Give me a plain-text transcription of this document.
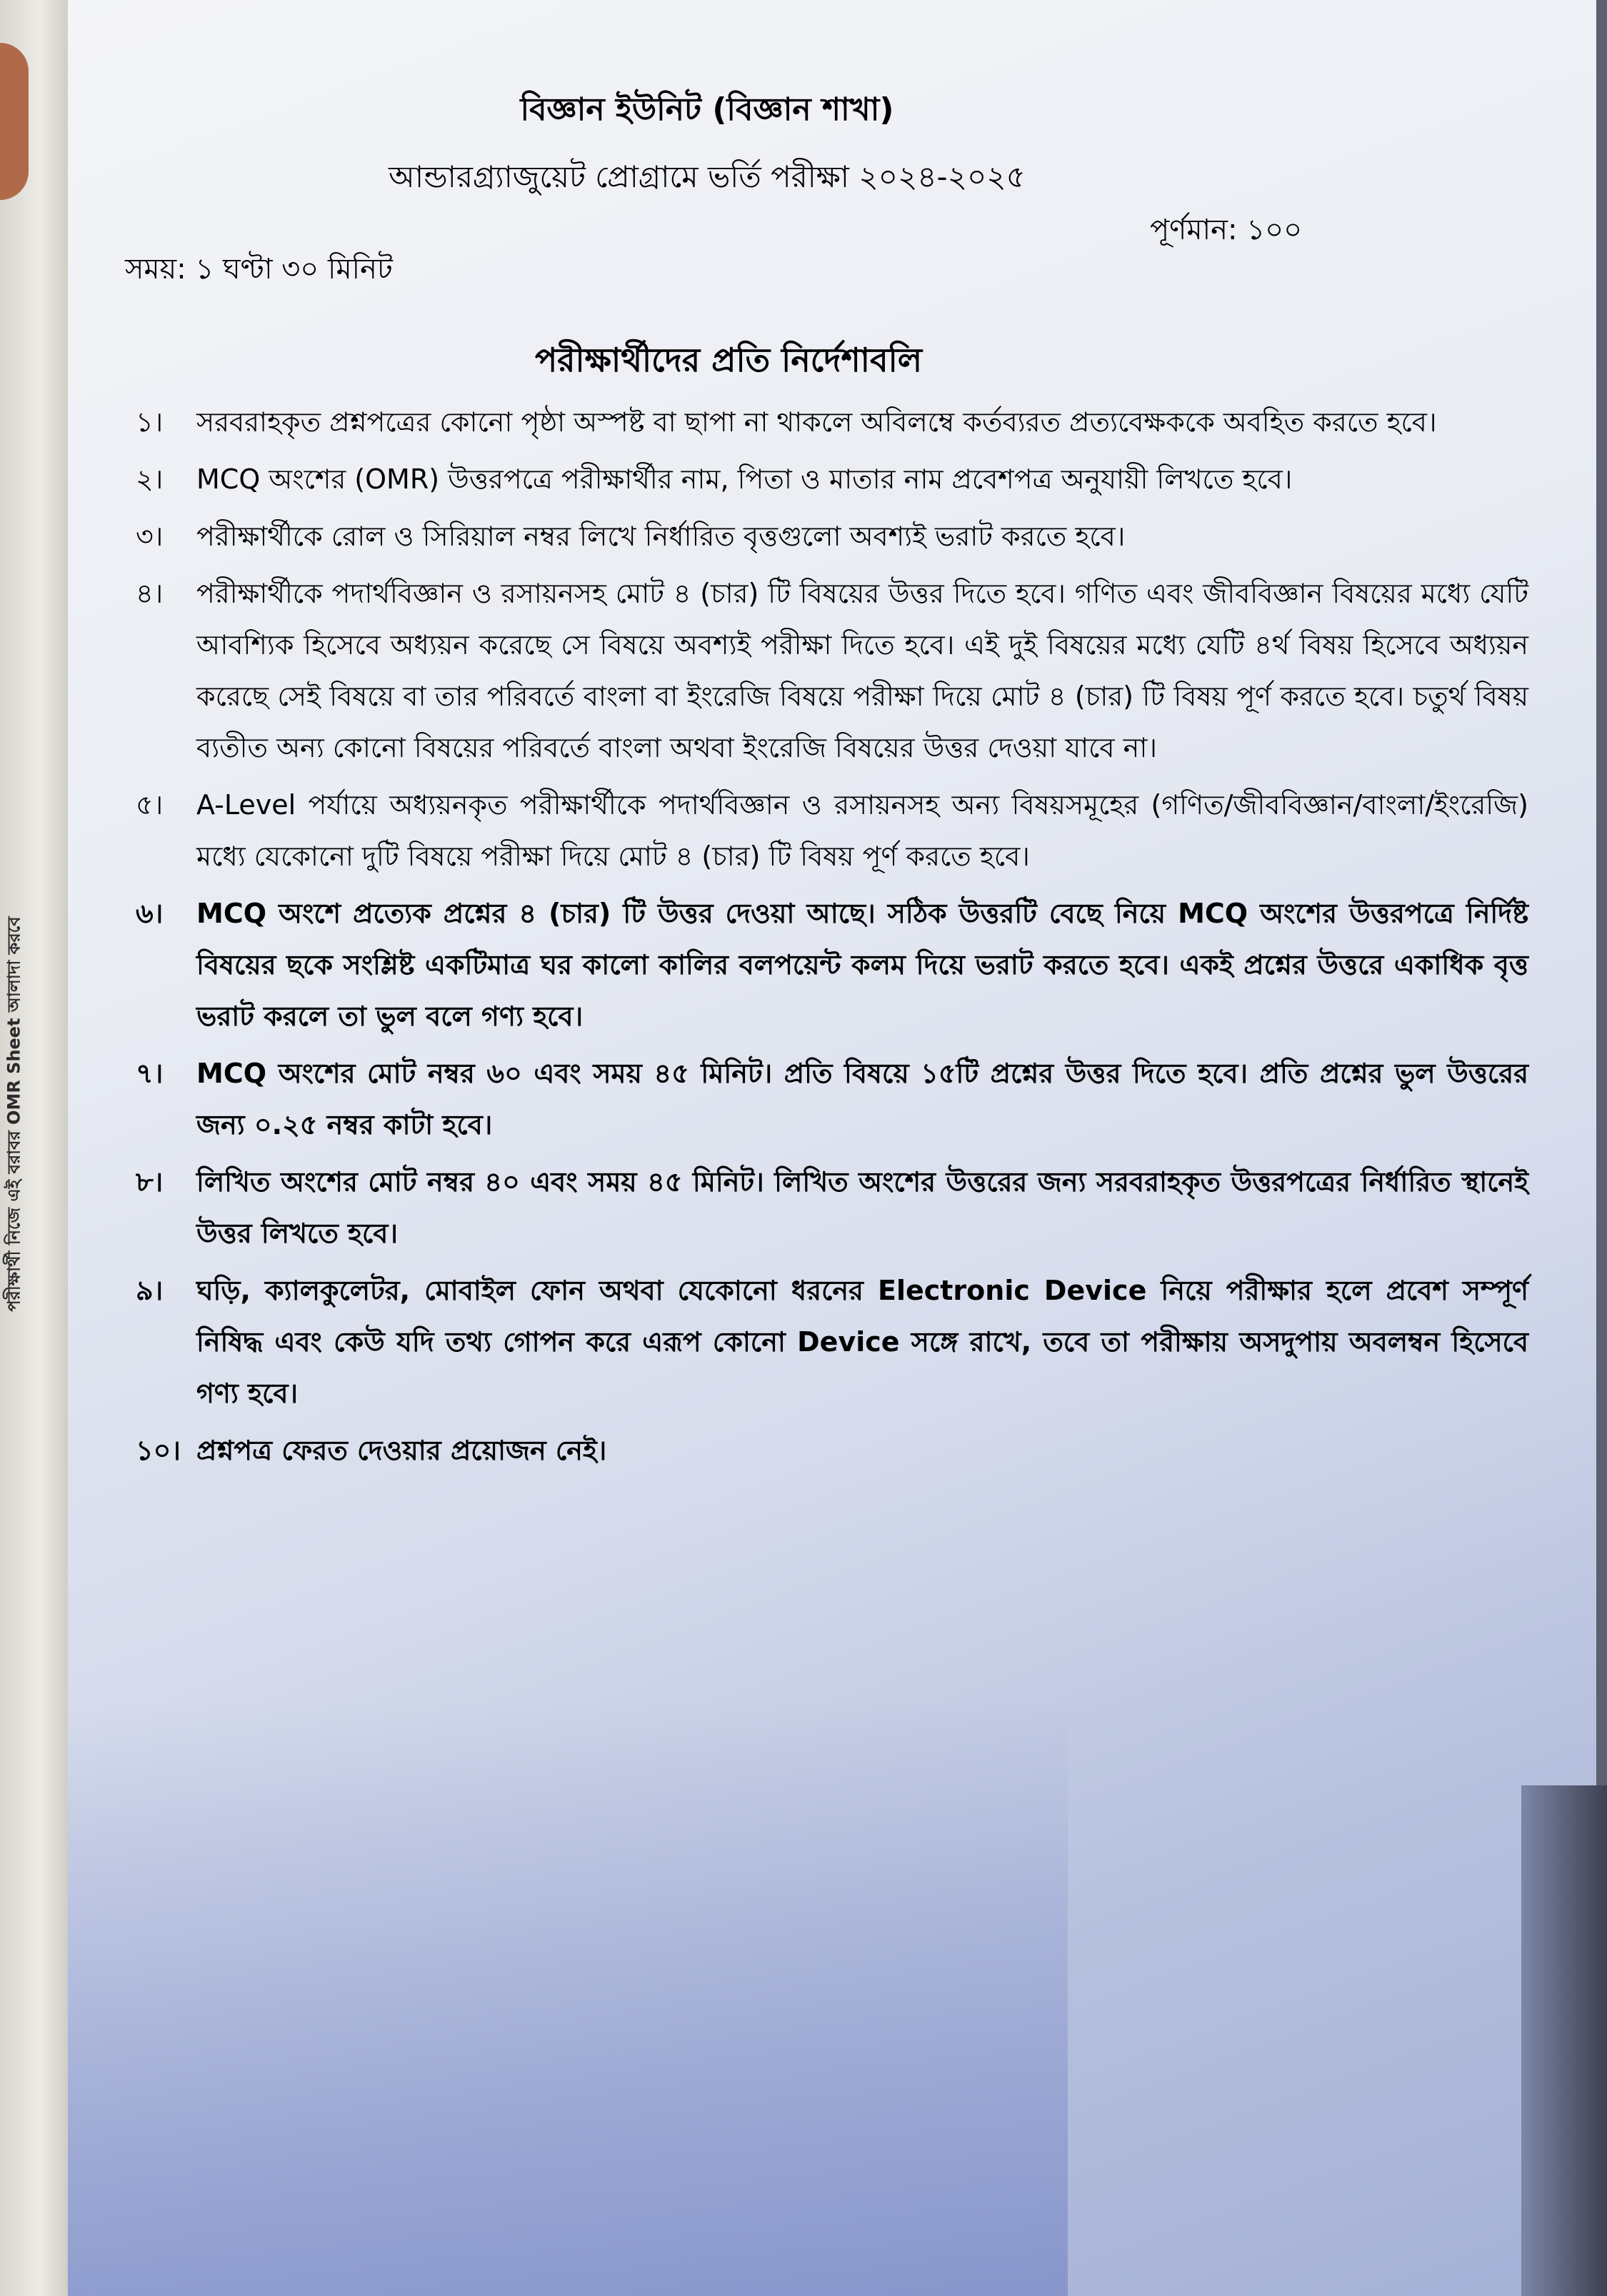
পরীক্ষার্থী নিজে এই বরাবর OMR Sheet আলাদা করবে
বিজ্ঞান ইউনিট (বিজ্ঞান শাখা)
আন্ডারগ্র্যাজুয়েট প্রোগ্রামে ভর্তি পরীক্ষা ২০২৪-২০২৫
সময়: ১ ঘণ্টা ৩০ মিনিট
পূর্ণমান: ১০০
পরীক্ষার্থীদের প্রতি নির্দেশাবলি
১।	সরবরাহকৃত প্রশ্নপত্রের কোনো পৃষ্ঠা অস্পষ্ট বা ছাপা না থাকলে অবিলম্বে কর্তব্যরত প্রত্যবেক্ষককে অবহিত করতে হবে।
২।	MCQ অংশের (OMR) উত্তরপত্রে পরীক্ষার্থীর নাম, পিতা ও মাতার নাম প্রবেশপত্র অনুযায়ী লিখতে হবে।
৩।	পরীক্ষার্থীকে রোল ও সিরিয়াল নম্বর লিখে নির্ধারিত বৃত্তগুলো অবশ্যই ভরাট করতে হবে।
৪।	পরীক্ষার্থীকে পদার্থবিজ্ঞান ও রসায়নসহ মোট ৪ (চার) টি বিষয়ের উত্তর দিতে হবে। গণিত এবং জীববিজ্ঞান বিষয়ের মধ্যে যেটি আবশ্যিক হিসেবে অধ্যয়ন করেছে সে বিষয়ে অবশ্যই পরীক্ষা দিতে হবে। এই দুই বিষয়ের মধ্যে যেটি ৪র্থ বিষয় হিসেবে অধ্যয়ন করেছে সেই বিষয়ে বা তার পরিবর্তে বাংলা বা ইংরেজি বিষয়ে পরীক্ষা দিয়ে মোট ৪ (চার) টি বিষয় পূর্ণ করতে হবে। চতুর্থ বিষয় ব্যতীত অন্য কোনো বিষয়ের পরিবর্তে বাংলা অথবা ইংরেজি বিষয়ের উত্তর দেওয়া যাবে না।
৫।	A-Level পর্যায়ে অধ্যয়নকৃত পরীক্ষার্থীকে পদার্থবিজ্ঞান ও রসায়নসহ অন্য বিষয়সমূহের (গণিত/জীববিজ্ঞান/বাংলা/ইংরেজি) মধ্যে যেকোনো দুটি বিষয়ে পরীক্ষা দিয়ে মোট ৪ (চার) টি বিষয় পূর্ণ করতে হবে।
৬।	MCQ অংশে প্রত্যেক প্রশ্নের ৪ (চার) টি উত্তর দেওয়া আছে। সঠিক উত্তরটি বেছে নিয়ে MCQ অংশের উত্তরপত্রে নির্দিষ্ট বিষয়ের ছকে সংশ্লিষ্ট একটিমাত্র ঘর কালো কালির বলপয়েন্ট কলম দিয়ে ভরাট করতে হবে। একই প্রশ্নের উত্তরে একাধিক বৃত্ত ভরাট করলে তা ভুল বলে গণ্য হবে।
৭।	MCQ অংশের মোট নম্বর ৬০ এবং সময় ৪৫ মিনিট। প্রতি বিষয়ে ১৫টি প্রশ্নের উত্তর দিতে হবে। প্রতি প্রশ্নের ভুল উত্তরের জন্য ০.২৫ নম্বর কাটা হবে।
৮।	লিখিত অংশের মোট নম্বর ৪০ এবং সময় ৪৫ মিনিট। লিখিত অংশের উত্তরের জন্য সরবরাহকৃত উত্তরপত্রের নির্ধারিত স্থানেই উত্তর লিখতে হবে।
৯।	ঘড়ি, ক্যালকুলেটর, মোবাইল ফোন অথবা যেকোনো ধরনের Electronic Device নিয়ে পরীক্ষার হলে প্রবেশ সম্পূর্ণ নিষিদ্ধ এবং কেউ যদি তথ্য গোপন করে এরূপ কোনো Device সঙ্গে রাখে, তবে তা পরীক্ষায় অসদুপায় অবলম্বন হিসেবে গণ্য হবে।
১০। প্রশ্নপত্র ফেরত দেওয়ার প্রয়োজন নেই।
